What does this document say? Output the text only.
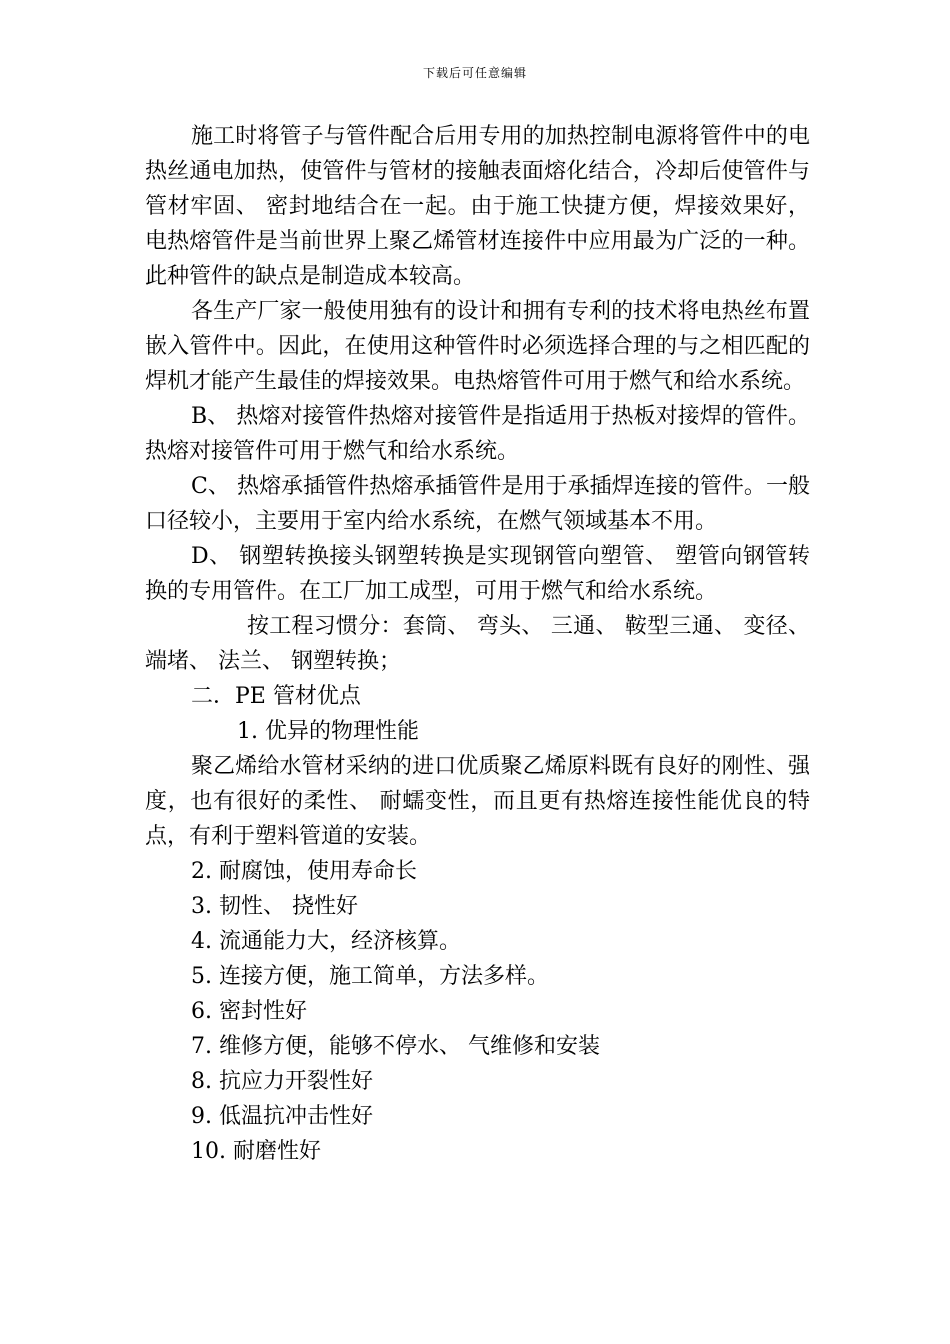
下载后可任意编辑

施工时将管子与管件配合后用专用的加热控制电源将管件中的电热丝通电加热，使管件与管材的接触表面熔化结合，冷却后使管件与管材牢固、 密封地结合在一起。由于施工快捷方便，焊接效果好，电热熔管件是当前世界上聚乙烯管材连接件中应用最为广泛的一种。此种管件的缺点是制造成本较高。

各生产厂家一般使用独有的设计和拥有专利的技术将电热丝布置嵌入管件中。因此，在使用这种管件时必须选择合理的与之相匹配的焊机才能产生最佳的焊接效果。电热熔管件可用于燃气和给水系统。

B、 热熔对接管件热熔对接管件是指适用于热板对接焊的管件。热熔对接管件可用于燃气和给水系统。

C、 热熔承插管件热熔承插管件是用于承插焊连接的管件。一般口径较小，主要用于室内给水系统，在燃气领域基本不用。

D、 钢塑转换接头钢塑转换是实现钢管向塑管、 塑管向钢管转换的专用管件。在工厂加工成型，可用于燃气和给水系统。

按工程习惯分：套筒、 弯头、 三通、 鞍型三通、 变径、 端堵、 法兰、 钢塑转换；

二．PE 管材优点

1. 优异的物理性能

聚乙烯给水管材采纳的进口优质聚乙烯原料既有良好的刚性、强度，也有很好的柔性、 耐蠕变性，而且更有热熔连接性能优良的特点，有利于塑料管道的安装。

2. 耐腐蚀，使用寿命长

3. 韧性、 挠性好

4. 流通能力大，经济核算。

5. 连接方便，施工简单，方法多样。

6. 密封性好

7. 维修方便，能够不停水、 气维修和安装

8. 抗应力开裂性好

9. 低温抗冲击性好

10. 耐磨性好
